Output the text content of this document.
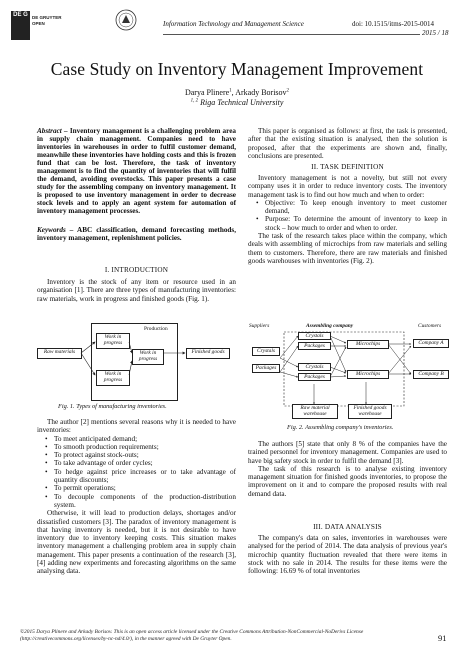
DE G DE GRUYTER
OPEN	Information Technology and Management Science	doi: 10.1515/itms-2015-0014
2015 / 18
Case Study on Inventory Management Improvement
Darya Plinere$^1$, Arkady Borisov$^2$
$^{1, 2}$ Riga Technical University
Abstract – Inventory management is a challenging problem area in supply chain management. Companies need to have inventories in warehouses in order to fulfil customer demand, meanwhile these inventories have holding costs and this is frozen fund that can be lost. Therefore, the task of inventory management is to find the quantity of inventories that will fulfil the demand, avoiding overstocks. This paper presents a case study for the assembling company on inventory management. It is proposed to use inventory management in order to decrease stock levels and to apply an agent system for automation of inventory management processes.
Keywords – ABC classification, demand forecasting methods, inventory management, replenishment policies.
I. INTRODUCTION

Inventory is the stock of any item or resource used in an organisation [1]. There are three types of manufacturing inventories: raw materials, work in progress and finished goods (Fig. 1).

Production
Raw materials
Work in progress
Work in progress
Work in progress
Finished goods
Fig. 1. Types of manufacturing inventories.

The author [2] mentions several reasons why it is needed to have inventories:

• To meet anticipated demand;
• To smooth production requirements;
• To protect against stock-outs;
• To take advantage of order cycles;
• To hedge against price increases or to take advantage of quantity discounts;
• To permit operations;
• To decouple components of the production-distribution system.

Otherwise, it will lead to production delays, shortages and/or dissatisfied customers [3]. The paradox of inventory management is that having inventory is needed, but it is not desirable to have inventory due to inventory keeping costs. This situation makes inventory management a challenging problem area in supply chain management. This paper presents a continuation of the research [3], [4] adding new experiments and forecasting algorithms on the same analysing data.

This paper is organised as follows: at first, the task is presented, after that the existing situation is analysed, then the solution is proposed, after that the experiments are shown and, finally, conclusions are presented.

II. TASK DEFINITION

Inventory management is not a novelty, but still not every company uses it in order to reduce inventory costs. The inventory management task is to find out how much and when to order:

• Objective: To keep enough inventory to meet customer demand,
• Purpose: To determine the amount of inventory to keep in stock – how much to order and when to order.

The task of the research takes place within the company, which deals with assembling of microchips from raw materials and selling them to customers. Therefore, there are raw materials and finished goods warehouses with inventories (Fig. 2).

Suppliers	Assembling company	Customers
Crystals
Packages
Crystals
Packages
Crystals
Packages
Microchips
Microchips
Company A
Company B
Raw material warehouse
Finished goods warehouse
Fig. 2. Assembling company's inventories.

The authors [5] state that only 8 % of the companies have the trained personnel for inventory management. Companies are used to have big safety stock in order to fulfil the demand [3].

The task of this research is to analyse existing inventory management situation for finished goods inventories, to propose the improvement on it and to compare the proposed results with real demand data.

III. DATA ANALYSIS

The company's data on sales, inventories in warehouses were analysed for the period of 2014. The data analysis of previous year's microchip quantity fluctuation revealed that there were items in stock with no sale in 2014. The results for these items were the following: 16.69 % of total inventories

©2015 Darya Plinere and Arkady Borisov. This is an open access article licensed under the Creative Commons Attribution-NonCommercial-NoDerivs License (http://creativecommons.org/licenses/by-nc-nd/4.0/), in the manner agreed with De Gruyter Open.	91
